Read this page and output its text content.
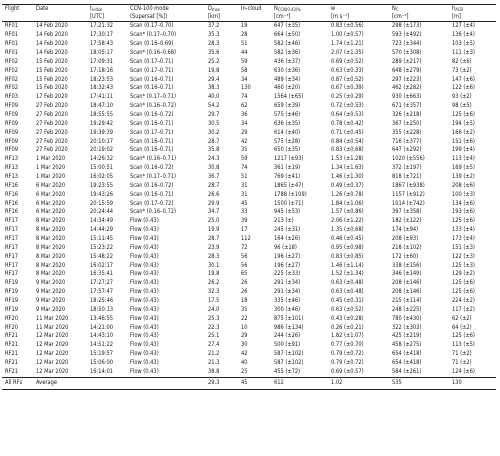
Flight	Date	$t_{initial}$	CCN-100 mode	$D_{max}$	In-cloud	$N_{CCN(0.43)\%}$	w	$N_C$	$h_{ACB}$
		[UTC]	(Supersat [%])	[km]		[cm⁻³]	[m s⁻¹]	[cm⁻³]	[m]
RF01	14 Feb 2020	17:21:32	Scan (0.17–0.70)	37.2	19	647 (±35)	0.83 (±0.56)	298 (±173)	127 (±4)
RF01	14 Feb 2020	17:30:17	Scan* (0.17–0.70)	35.3	28	664 (±50)	1.00 (±0.57)	593 (±492)	136 (±4)
RF01	14 Feb 2020	17:58:43	Scan (0.16–0.69)	28.3	51	582 (±46)	1.74 (±1.21)	723 (±344)	103 (±5)
RF01	14 Feb 2020	18:05:17	Scan* (0.16–0.68)	35.6	44	582 (±36)	2.07 (±1.35)	570 (±308)	111 (±3)
RF02	15 Feb 2020	17:09:31	Scan (0.17–0.71)	25.2	59	436 (±37)	0.69 (±0.52)	289 (±217)	82 (±6)
RF02	15 Feb 2020	17:18:16	Scan (0.17–0.71)	19.8	58	630 (±36)	0.63 (±0.33)	648 (±279)	73 (±2)
RF02	15 Feb 2020	18:23:53	Scan (0.16–0.71)	29.4	34	489 (±34)	0.87 (±0.52)	297 (±223)	147 (±6)
RF02	15 Feb 2020	18:32:43	Scan (0.16–0.71)	38.3	130	460 (±20)	0.67 (±0.39)	462 (±282)	122 (±6)
RF03	17 Feb 2020	17:41:11	Scan* (0.17–0.71)	40.0	74	1564 (±65)	0.25 (±0.29)	930 (±663)	93 (±2)
RF09	27 Feb 2020	18:47:10	Scan* (0.16–0.72)	54.2	62	659 (±39)	0.72 (±0.53)	671 (±357)	98 (±5)
RF09	27 Feb 2020	18:55:55	Scan (0.16–0.72)	29.7	36	575 (±46)	0.64 (±0.53)	326 (±218)	125 (±6)
RF09	27 Feb 2020	19:29:42	Scan (0.16–0.71)	30.5	34	636 (±35)	0.78 (±0.42)	367 (±250)	194 (±5)
RF09	27 Feb 2020	19:39:39	Scan (0.17–0.71)	30.2	29	614 (±40)	0.71 (±0.45)	355 (±228)	166 (±2)
RF09	27 Feb 2020	20:10:17	Scan (0.16–0.71)	28.7	42	575 (±28)	0.84 (±0.54)	716 (±377)	151 (±6)
RF09	27 Feb 2020	20:19:02	Scan (0.16–0.71)	35.8	35	650 (±35)	0.83 (±0.68)	647 (±292)	199 (±4)
RF13	1 Mar 2020	14:26:32	Scan* (0.16–0.71)	24.3	59	1217 (±93)	1.53 (±1.28)	1020 (±556)	113 (±4)
RF13	1 Mar 2020	15:00:51	Scan (0.16–0.72)	30.8	74	361 (±19)	1.34 (±1.63)	372 (±197)	169 (±5)
RF13	1 Mar 2020	16:02:05	Scan* (0.17–0.71)	36.7	51	769 (±41)	1.46 (±1.30)	818 (±721)	139 (±2)
RF16	6 Mar 2020	19:23:55	Scan (0.16–0.72)	28.7	31	1865 (±47)	0.49 (±0.37)	1867 (±938)	208 (±6)
RF16	6 Mar 2020	19:43:26	Scan (0.16–0.71)	26.6	31	1788 (±109)	1.26 (±0.78)	1157 (±912)	100 (±3)
RF16	6 Mar 2020	20:15:59	Scan (0.17–0.72)	29.9	45	1500 (±71)	1.84 (±1.06)	1014 (±742)	134 (±6)
RF16	6 Mar 2020	20:24:44	Scan* (0.16–0.72)	34.7	33	945 (±53)	1.57 (±0.86)	397 (±358)	193 (±6)
RF17	8 Mar 2020	14:34:49	Flow (0.43)	25.0	39	213 (±)	2.06 (±1.22)	182 (±122)	125 (±6)
RF17	8 Mar 2020	14:44:29	Flow (0.43)	19.9	17	245 (±31)	1.35 (±0.68)	174 (±94)	133 (±4)
RF17	8 Mar 2020	15:11:45	Flow (0.43)	28.7	112	164 (±26)	0.46 (±0.45)	208 (±93)	173 (±4)
RF17	8 Mar 2020	15:23:22	Flow (0.43)	23.9	72	96 (±18)	0.95 (±0.98)	218 (±102)	151 (±3)
RF17	8 Mar 2020	15:48:22	Flow (0.43)	28.3	56	196 (±27)	0.83 (±0.85)	172 (±60)	122 (±3)
RF17	8 Mar 2020	16:02:17	Flow (0.43)	30.1	56	196 (±27)	1.46 (±1.14)	338 (±156)	125 (±3)
RF17	8 Mar 2020	16:35:41	Flow (0.43)	19.8	65	225 (±33)	1.52 (±1.34)	346 (±149)	129 (±2)
RF19	9 Mar 2020	17:27:27	Flow (0.43)	26.2	26	291 (±34)	0.63 (±0.48)	208 (±146)	125 (±6)
RF19	9 Mar 2020	17:57:47	Flow (0.43)	32.3	26	291 (±34)	0.63 (±0.48)	208 (±146)	125 (±6)
RF19	9 Mar 2020	18:25:46	Flow (0.43)	17.5	18	335 (±46)	0.45 (±0.31)	215 (±114)	224 (±2)
RF19	9 Mar 2020	18:50:13	Flow (0.43)	24.0	35	300 (±46)	0.63 (±0.52)	248 (±225)	117 (±2)
RF20	11 Mar 2020	13:46:55	Flow (0.43)	25.3	22	875 (±101)	0.43 (±0.28)	780 (±430)	62 (±2)
RF20	11 Mar 2020	14:21:00	Flow (0.43)	22.3	10	986 (±134)	0.26 (±0.21)	322 (±303)	64 (±2)
RF21	12 Mar 2020	14:43:10	Flow (0.43)	25.1	29	244 (±26)	1.82 (±1.07)	425 (±219)	125 (±6)
RF21	12 Mar 2020	14:51:22	Flow (0.43)	27.4	30	500 (±91)	0.77 (±0.70)	458 (±275)	113 (±5)
RF21	12 Mar 2020	15:19:57	Flow (0.43)	21.2	42	587 (±102)	0.79 (±0.72)	654 (±418)	71 (±2)
RF21	12 Mar 2020	15:06:00	Flow (0.43)	21.3	40	587 (±102)	0.79 (±0.72)	654 (±418)	71 (±2)
RF21	12 Mar 2020	16:14:01	Flow (0.43)	38.8	25	455 (±72)	0.69 (±0.57)	584 (±261)	124 (±6)
All RFs	Average			29.3	45	612	1.02	535	130
